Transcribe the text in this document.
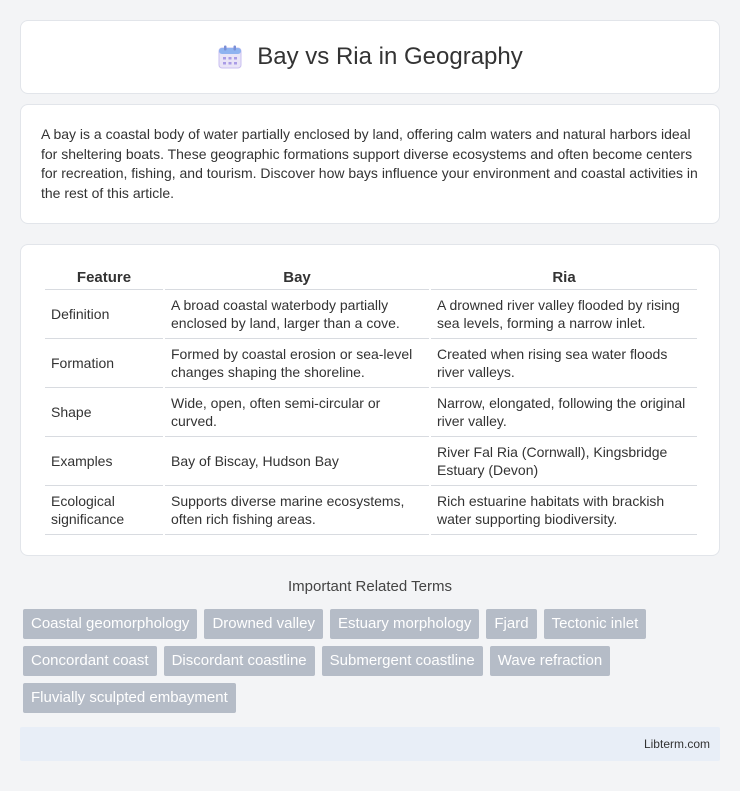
Bay vs Ria in Geography

A bay is a coastal body of water partially enclosed by land, offering calm waters and natural harbors ideal for sheltering boats. These geographic formations support diverse ecosystems and often become centers for recreation, fishing, and tourism. Discover how bays influence your environment and coastal activities in the rest of this article.

Feature	Bay	Ria
Definition	A broad coastal waterbody partially enclosed by land, larger than a cove.	A drowned river valley flooded by rising sea levels, forming a narrow inlet.
Formation	Formed by coastal erosion or sea-level changes shaping the shoreline.	Created when rising sea water floods river valleys.
Shape	Wide, open, often semi-circular or curved.	Narrow, elongated, following the original river valley.
Examples	Bay of Biscay, Hudson Bay	River Fal Ria (Cornwall), Kingsbridge Estuary (Devon)
Ecological significance	Supports diverse marine ecosystems, often rich fishing areas.	Rich estuarine habitats with brackish water supporting biodiversity.
Important Related Terms
Coastal geomorphology	Drowned valley	Estuary morphology	Fjard	Tectonic inlet
Concordant coast	Discordant coastline	Submergent coastline	Wave refraction
Fluvially sculpted embayment
Libterm.com
